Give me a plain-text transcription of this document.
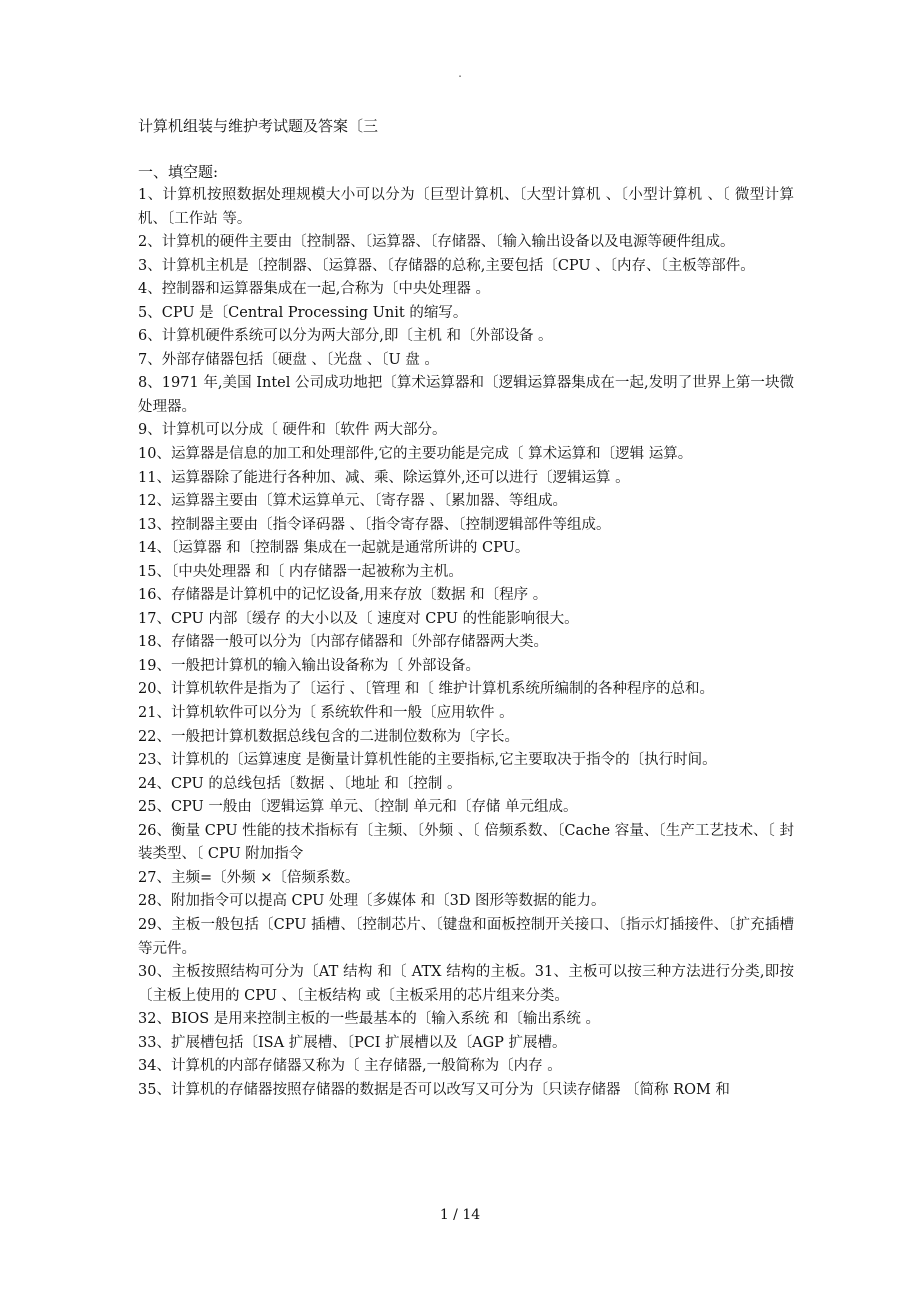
.
计算机组装与维护考试题及答案〔三
一、填空题:
1、计算机按照数据处理规模大小可以分为〔巨型计算机、〔大型计算机 、〔小型计算机 、〔 微型计算机、〔工作站 等。
2、计算机的硬件主要由〔控制器、〔运算器、〔存储器、〔输入输出设备以及电源等硬件组成。
3、计算机主机是〔控制器、〔运算器、〔存储器的总称,主要包括〔CPU 、〔内存、〔主板等部件。
4、控制器和运算器集成在一起,合称为〔中央处理器 。
5、CPU 是〔Central Processing Unit 的缩写。
6、计算机硬件系统可以分为两大部分,即〔主机 和〔外部设备 。
7、外部存储器包括〔硬盘 、〔光盘 、〔U 盘 。
8、1971 年,美国 Intel 公司成功地把〔算术运算器和〔逻辑运算器集成在一起,发明了世界上第一块微处理器。
9、计算机可以分成〔 硬件和〔软件 两大部分。
10、运算器是信息的加工和处理部件,它的主要功能是完成〔 算术运算和〔逻辑 运算。
11、运算器除了能进行各种加、减、乘、除运算外,还可以进行〔逻辑运算 。
12、运算器主要由〔算术运算单元、〔寄存器 、〔累加器、等组成。
13、控制器主要由〔指令译码器 、〔指令寄存器、〔控制逻辑部件等组成。
14、〔运算器 和〔控制器 集成在一起就是通常所讲的 CPU。
15、〔中央处理器 和〔 内存储器一起被称为主机。
16、存储器是计算机中的记忆设备,用来存放〔数据 和〔程序 。
17、CPU 内部〔缓存 的大小以及〔 速度对 CPU 的性能影响很大。
18、存储器一般可以分为〔内部存储器和〔外部存储器两大类。
19、一般把计算机的输入输出设备称为〔 外部设备。
20、计算机软件是指为了〔运行 、〔管理 和〔 维护计算机系统所编制的各种程序的总和。
21、计算机软件可以分为〔 系统软件和一般〔应用软件 。
22、一般把计算机数据总线包含的二进制位数称为〔字长。
23、计算机的〔运算速度 是衡量计算机性能的主要指标,它主要取决于指令的〔执行时间。
24、CPU 的总线包括〔数据 、〔地址 和〔控制 。
25、CPU 一般由〔逻辑运算 单元、〔控制 单元和〔存储 单元组成。
26、衡量 CPU 性能的技术指标有〔主频、〔外频 、〔 倍频系数、〔Cache 容量、〔生产工艺技术、〔 封装类型、〔 CPU 附加指令
27、主频=〔外频 ×〔倍频系数。
28、附加指令可以提高 CPU 处理〔多媒体 和〔3D 图形等数据的能力。
29、主板一般包括〔CPU 插槽、〔控制芯片、〔键盘和面板控制开关接口、〔指示灯插接件、〔扩充插槽等元件。
30、主板按照结构可分为〔AT 结构 和〔 ATX 结构的主板。31、主板可以按三种方法进行分类,即按〔主板上使用的 CPU 、〔主板结构 或〔主板采用的芯片组来分类。
32、BIOS 是用来控制主板的一些最基本的〔输入系统 和〔输出系统 。
33、扩展槽包括〔ISA 扩展槽、〔PCI 扩展槽以及〔AGP 扩展槽。
34、计算机的内部存储器又称为〔 主存储器,一般简称为〔内存 。
35、计算机的存储器按照存储器的数据是否可以改写又可分为〔只读存储器 〔简称 ROM 和
1 / 14
